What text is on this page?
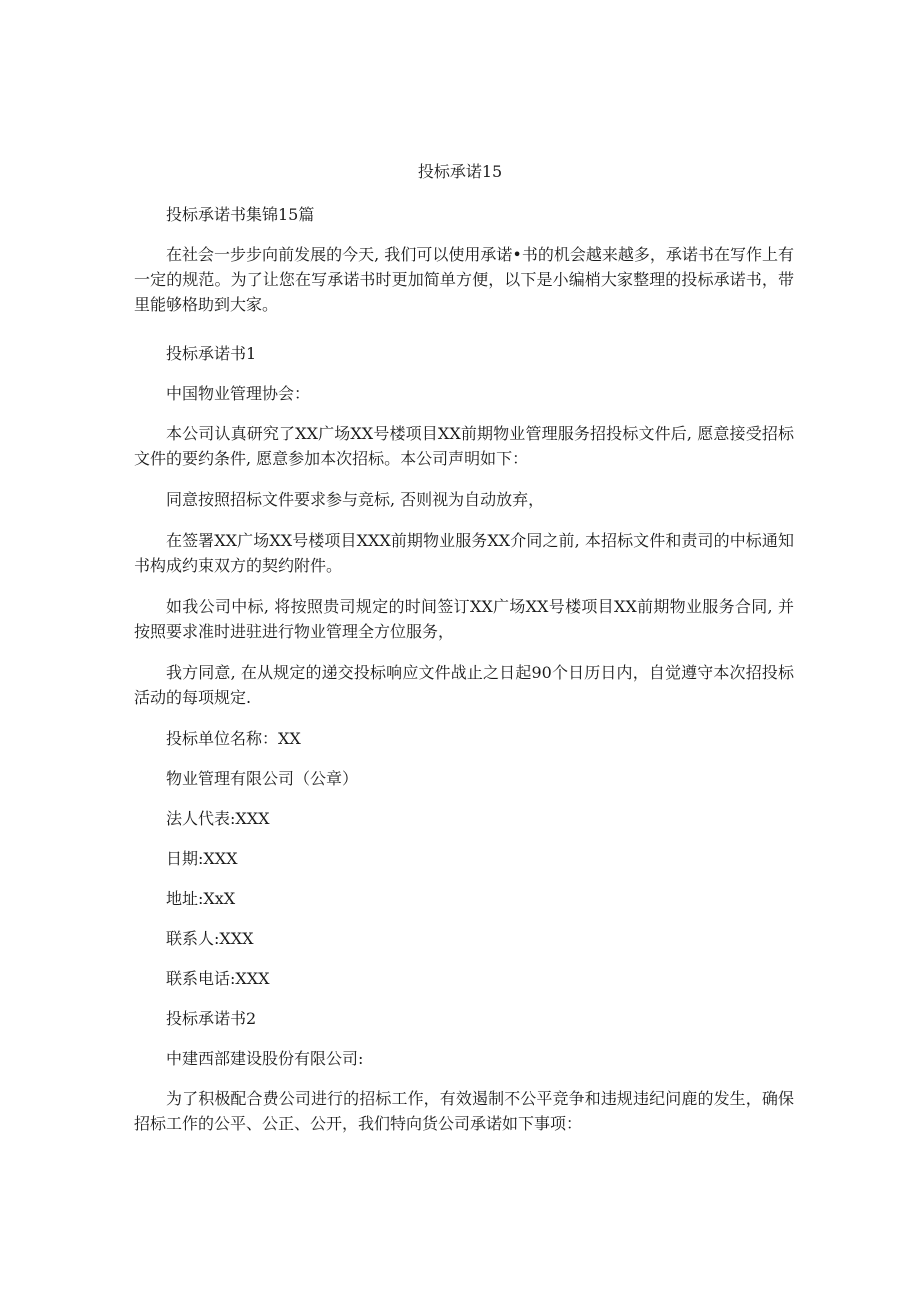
投标承诺15

投标承诺书集锦15篇

在社会一步步向前发展的今天, 我们可以使用承诺•书的机会越来越多，承诺书在写作上有一定的规范。为了让您在写承诺书时更加简单方便，以下是小编梢大家整理的投标承诺书，带里能够格助到大家。

投标承诺书1

中国物业管理协会：

本公司认真研究了XX广场XX号楼项目XX前期物业管理服务招投标文件后, 愿意接受招标文件的要约条件, 愿意参加本次招标。本公司声明如下：

同意按照招标文件要求参与竞标, 否则视为自动放弃，

在签署XX广场XX号楼项目XXX前期物业服务XX介同之前, 本招标文件和责司的中标通知书构成约束双方的契约附件。

如我公司中标, 将按照贵司规定的时间签订XX广场XX号楼项目XX前期物业服务合同, 并按照要求准时进驻进行物业管理全方位服务，

我方同意, 在从规定的递交投标响应文件战止之日起90个日历日内，自觉遵守本次招投标活动的每项规定.

投标单位名称：XX

物业管理有限公司（公章）

法人代表:XXX

日期:XXX

地址:XxX

联系人:XXX

联系电话:XXX

投标承诺书2

中建西部建设股份有限公司:

为了积极配合费公司进行的招标工作，有效遏制不公平竞争和违规违纪问鹿的发生，确保招标工作的公平、公正、公开，我们特向货公司承诺如下事项：
